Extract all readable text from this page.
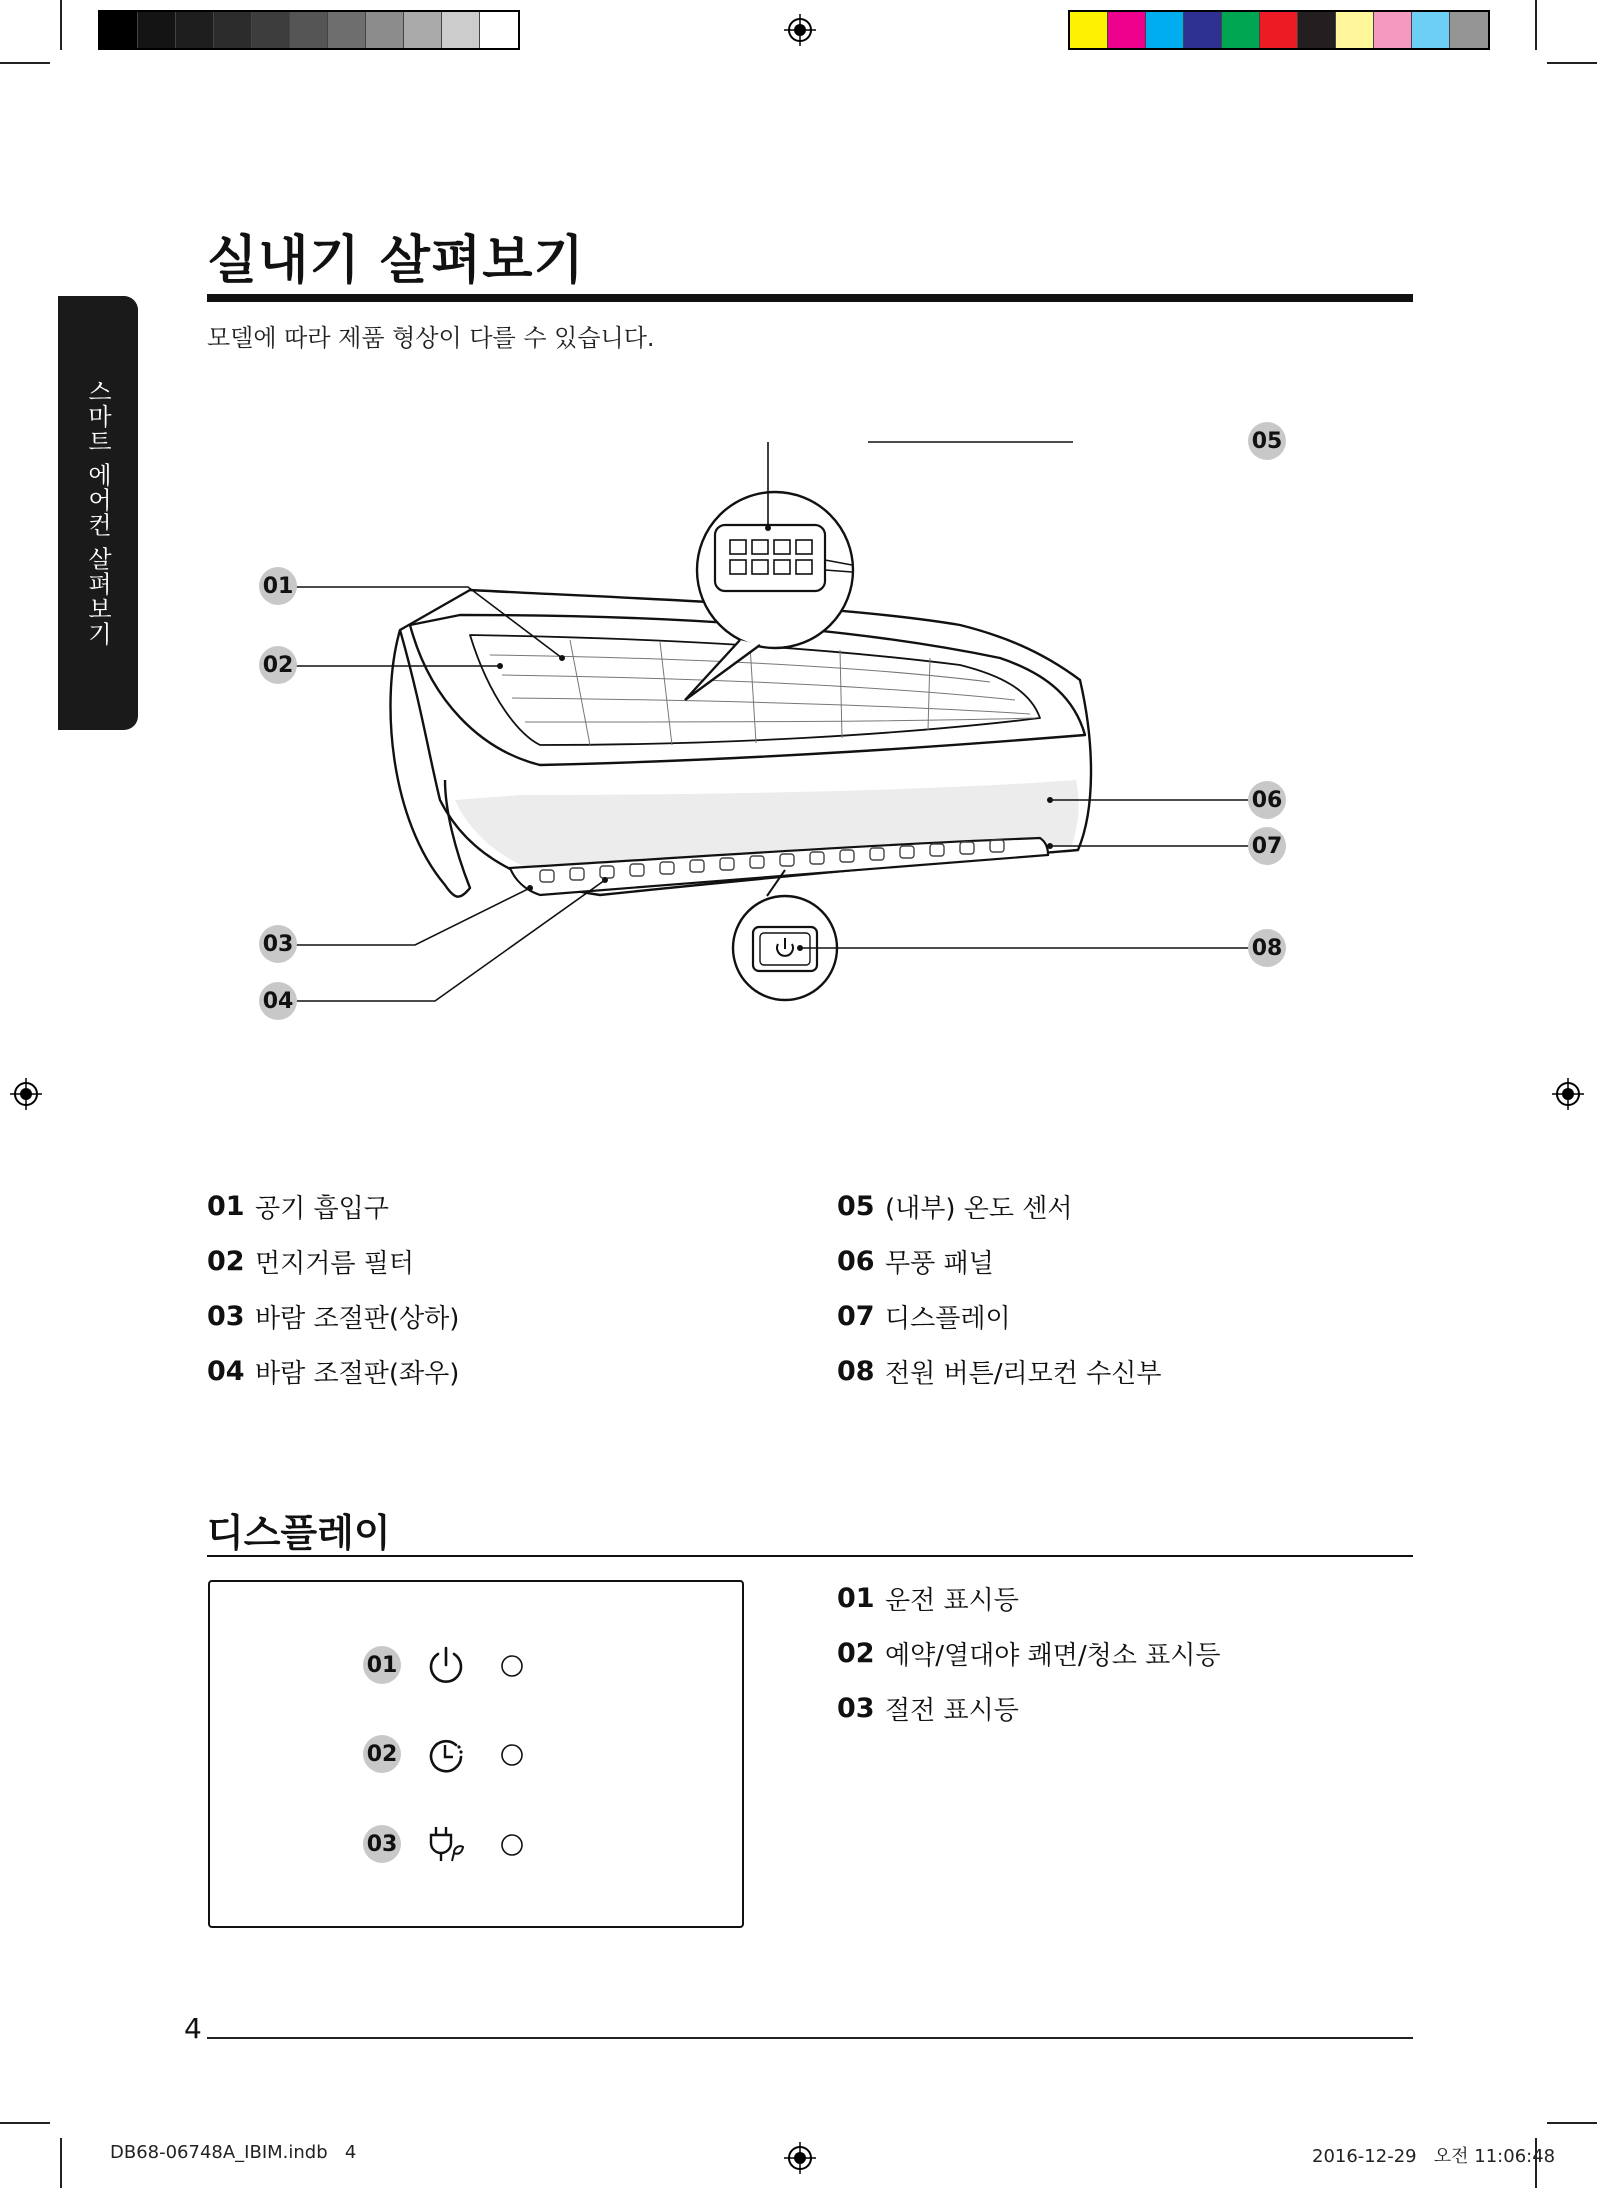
스마트 에어컨 살펴보기
실내기 살펴보기
모델에 따라 제품 형상이 다를 수 있습니다.
01
02
03
04
05
06
07
08
01 공기 흡입구
02 먼지거름 필터
03 바람 조절판(상하)
04 바람 조절판(좌우)
05 (내부) 온도 센서
06 무풍 패널
07 디스플레이
08 전원 버튼/리모컨 수신부
디스플레이
01
02
03
01 운전 표시등
02 예약/열대야 쾌면/청소 표시등
03 절전 표시등
4
DB68-06748A_IBIM.indb   4	2016-12-29   오전 11:06:48
